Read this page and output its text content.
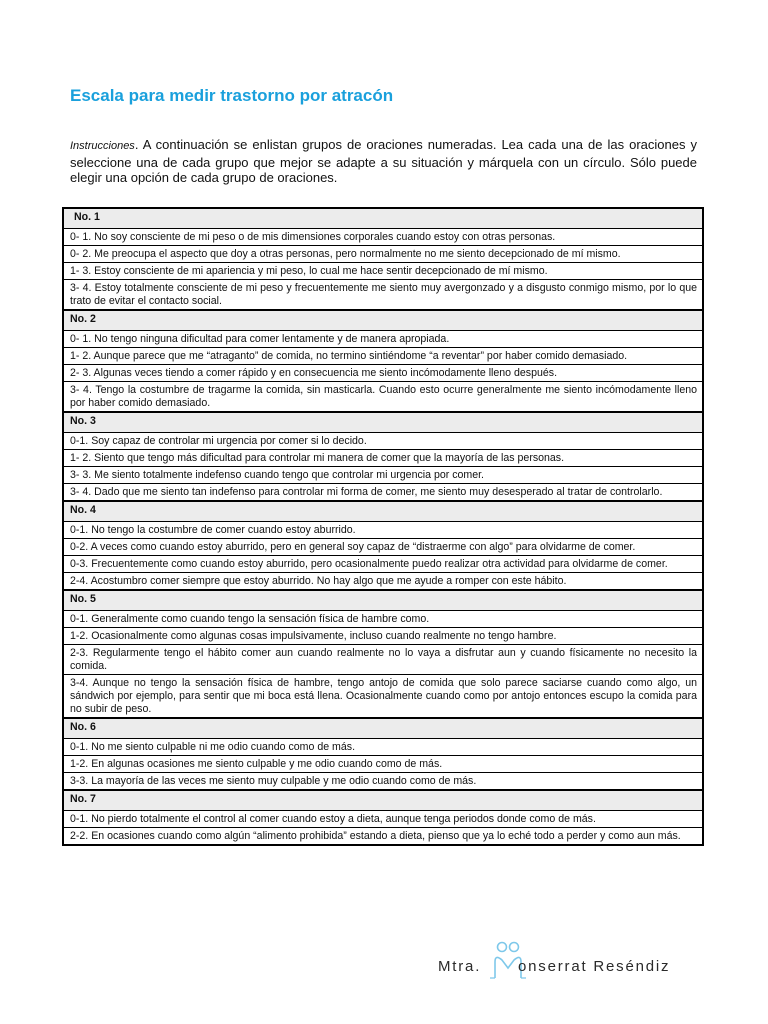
Escala para medir trastorno por atracón

Instrucciones. A continuación se enlistan grupos de oraciones numeradas. Lea cada una de las oraciones y seleccione una de cada grupo que mejor se adapte a su situación y márquela con un círculo. Sólo puede elegir una opción de cada grupo de oraciones.

No. 1
0- 1. No soy consciente de mi peso o de mis dimensiones corporales cuando estoy con otras personas.
0- 2. Me preocupa el aspecto que doy a otras personas, pero normalmente no me siento decepcionado de mí mismo.
1- 3. Estoy consciente de mi apariencia y mi peso, lo cual me hace sentir decepcionado de mí mismo.
3- 4. Estoy totalmente consciente de mi peso y frecuentemente me siento muy avergonzado y a disgusto conmigo mismo, por lo que trato de evitar el contacto social.
No. 2
0- 1. No tengo ninguna dificultad para comer lentamente y de manera apropiada.
1- 2. Aunque parece que me “atraganto” de comida, no termino sintiéndome “a reventar” por haber comido demasiado.
2- 3. Algunas veces tiendo a comer rápido y en consecuencia me siento incómodamente lleno después.
3- 4. Tengo la costumbre de tragarme la comida, sin masticarla. Cuando esto ocurre generalmente me siento incómodamente lleno por haber comido demasiado.
No. 3
0-1. Soy capaz de controlar mi urgencia por comer si lo decido.
1- 2. Siento que tengo más dificultad para controlar mi manera de comer que la mayoría de las personas.
3- 3. Me siento totalmente indefenso cuando tengo que controlar mi urgencia por comer.
3- 4. Dado que me siento tan indefenso para controlar mi forma de comer, me siento muy desesperado al tratar de controlarlo.
No. 4
0-1. No tengo la costumbre de comer cuando estoy aburrido.
0-2. A veces como cuando estoy aburrido, pero en general soy capaz de “distraerme con algo” para olvidarme de comer.
0-3. Frecuentemente como cuando estoy aburrido, pero ocasionalmente puedo realizar otra actividad para olvidarme de comer.
2-4. Acostumbro comer siempre que estoy aburrido. No hay algo que me ayude a romper con este hábito.
No. 5
0-1. Generalmente como cuando tengo la sensación física de hambre como.
1-2. Ocasionalmente como algunas cosas impulsivamente, incluso cuando realmente no tengo hambre.
2-3. Regularmente tengo el hábito comer aun cuando realmente no lo vaya a disfrutar aun y cuando físicamente no necesito la comida.
3-4. Aunque no tengo la sensación física de hambre, tengo antojo de comida que solo parece saciarse cuando como algo, un sándwich por ejemplo, para sentir que mi boca está llena. Ocasionalmente cuando como por antojo entonces escupo la comida para no subir de peso.
No. 6
0-1. No me siento culpable ni me odio cuando como de más.
1-2. En algunas ocasiones me siento culpable y me odio cuando como de más.
3-3. La mayoría de las veces me siento muy culpable y me odio cuando como de más.
No. 7
0-1. No pierdo totalmente el control al comer cuando estoy a dieta, aunque tenga periodos donde como de más.
2-2. En ocasiones cuando como algún “alimento prohibida” estando a dieta, pienso que ya lo eché todo a perder y como aun más.
Mtra. onserrat Reséndiz
